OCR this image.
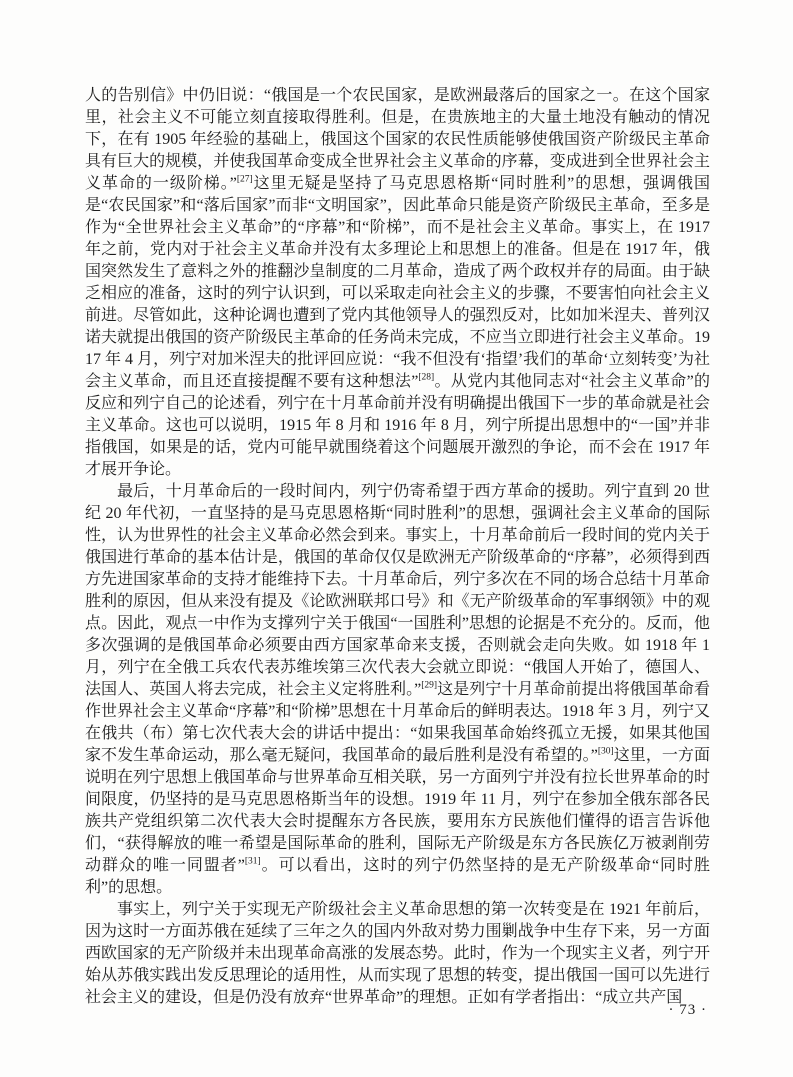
人的告别信》中仍旧说：“俄国是一个农民国家，是欧洲最落后的国家之一。在这个国家里，社会主义不可能立刻直接取得胜利。但是，在贵族地主的大量土地没有触动的情况下，在有 1905 年经验的基础上，俄国这个国家的农民性质能够使俄国资产阶级民主革命具有巨大的规模，并使我国革命变成全世界社会主义革命的序幕，变成进到全世界社会主义革命的一级阶梯。”[27]这里无疑是坚持了马克思恩格斯“同时胜利”的思想，强调俄国是“农民国家”和“落后国家”而非“文明国家”，因此革命只能是资产阶级民主革命，至多是作为“全世界社会主义革命”的“序幕”和“阶梯”，而不是社会主义革命。事实上，在 1917 年之前，党内对于社会主义革命并没有太多理论上和思想上的准备。但是在 1917 年，俄国突然发生了意料之外的推翻沙皇制度的二月革命，造成了两个政权并存的局面。由于缺乏相应的准备，这时的列宁认识到，可以采取走向社会主义的步骤，不要害怕向社会主义前进。尽管如此，这种论调也遭到了党内其他领导人的强烈反对，比如加米涅夫、普列汉诺夫就提出俄国的资产阶级民主革命的任务尚未完成，不应当立即进行社会主义革命。1917 年 4 月，列宁对加米涅夫的批评回应说：“我不但没有‘指望’我们的革命‘立刻转变’为社会主义革命，而且还直接提醒不要有这种想法”[28]。从党内其他同志对“社会主义革命”的反应和列宁自己的论述看，列宁在十月革命前并没有明确提出俄国下一步的革命就是社会主义革命。这也可以说明，1915 年 8 月和 1916 年 8 月，列宁所提出思想中的“一国”并非指俄国，如果是的话，党内可能早就围绕着这个问题展开激烈的争论，而不会在 1917 年才展开争论。

最后，十月革命后的一段时间内，列宁仍寄希望于西方革命的援助。列宁直到 20 世纪 20 年代初，一直坚持的是马克思恩格斯“同时胜利”的思想，强调社会主义革命的国际性，认为世界性的社会主义革命必然会到来。事实上，十月革命前后一段时间的党内关于俄国进行革命的基本估计是，俄国的革命仅仅是欧洲无产阶级革命的“序幕”，必须得到西方先进国家革命的支持才能维持下去。十月革命后，列宁多次在不同的场合总结十月革命胜利的原因，但从来没有提及《论欧洲联邦口号》和《无产阶级革命的军事纲领》中的观点。因此，观点一中作为支撑列宁关于俄国“一国胜利”思想的论据是不充分的。反而，他多次强调的是俄国革命必须要由西方国家革命来支援，否则就会走向失败。如 1918 年 1 月，列宁在全俄工兵农代表苏维埃第三次代表大会就立即说：“俄国人开始了，德国人、法国人、英国人将去完成，社会主义定将胜利。”[29]这是列宁十月革命前提出将俄国革命看作世界社会主义革命“序幕”和“阶梯”思想在十月革命后的鲜明表达。1918 年 3 月，列宁又在俄共（布）第七次代表大会的讲话中提出：“如果我国革命始终孤立无援，如果其他国家不发生革命运动，那么毫无疑问，我国革命的最后胜利是没有希望的。”[30]这里，一方面说明在列宁思想上俄国革命与世界革命互相关联，另一方面列宁并没有拉长世界革命的时间限度，仍坚持的是马克思恩格斯当年的设想。1919 年 11 月，列宁在参加全俄东部各民族共产党组织第二次代表大会时提醒东方各民族，要用东方民族他们懂得的语言告诉他们，“获得解放的唯一希望是国际革命的胜利，国际无产阶级是东方各民族亿万被剥削劳动群众的唯一同盟者”[31]。可以看出，这时的列宁仍然坚持的是无产阶级革命“同时胜利”的思想。

事实上，列宁关于实现无产阶级社会主义革命思想的第一次转变是在 1921 年前后，因为这时一方面苏俄在延续了三年之久的国内外敌对势力围剿战争中生存下来，另一方面西欧国家的无产阶级并未出现革命高涨的发展态势。此时，作为一个现实主义者，列宁开始从苏俄实践出发反思理论的适用性，从而实现了思想的转变，提出俄国一国可以先进行社会主义的建设，但是仍没有放弃“世界革命”的理想。正如有学者指出：“成立共产国

· 73 ·
